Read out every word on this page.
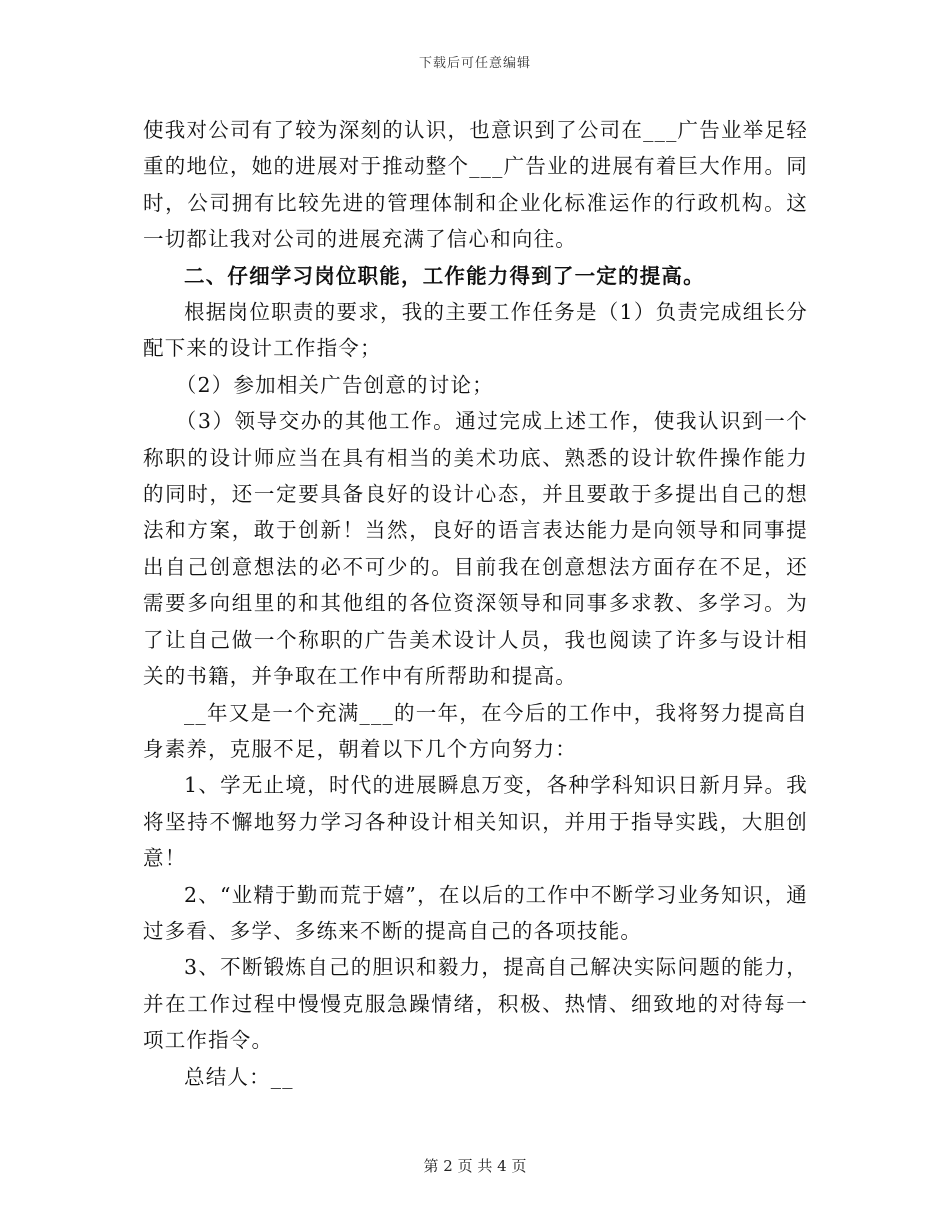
下载后可任意编辑

使我对公司有了较为深刻的认识，也意识到了公司在___广告业举足轻重的地位，她的进展对于推动整个___广告业的进展有着巨大作用。同时，公司拥有比较先进的管理体制和企业化标准运作的行政机构。这一切都让我对公司的进展充满了信心和向往。

二、仔细学习岗位职能，工作能力得到了一定的提高。

根据岗位职责的要求，我的主要工作任务是（1）负责完成组长分配下来的设计工作指令；

（2）参加相关广告创意的讨论；

（3）领导交办的其他工作。通过完成上述工作，使我认识到一个称职的设计师应当在具有相当的美术功底、熟悉的设计软件操作能力的同时，还一定要具备良好的设计心态，并且要敢于多提出自己的想法和方案，敢于创新！当然，良好的语言表达能力是向领导和同事提出自己创意想法的必不可少的。目前我在创意想法方面存在不足，还需要多向组里的和其他组的各位资深领导和同事多求教、多学习。为了让自己做一个称职的广告美术设计人员，我也阅读了许多与设计相关的书籍，并争取在工作中有所帮助和提高。

__年又是一个充满___的一年，在今后的工作中，我将努力提高自身素养，克服不足，朝着以下几个方向努力：

1、学无止境，时代的进展瞬息万变，各种学科知识日新月异。我将坚持不懈地努力学习各种设计相关知识，并用于指导实践，大胆创意！

2、“业精于勤而荒于嬉”，在以后的工作中不断学习业务知识，通过多看、多学、多练来不断的提高自己的各项技能。

3、不断锻炼自己的胆识和毅力，提高自己解决实际问题的能力，并在工作过程中慢慢克服急躁情绪，积极、热情、细致地的对待每一项工作指令。

总结人：__

第 2 页 共 4 页
